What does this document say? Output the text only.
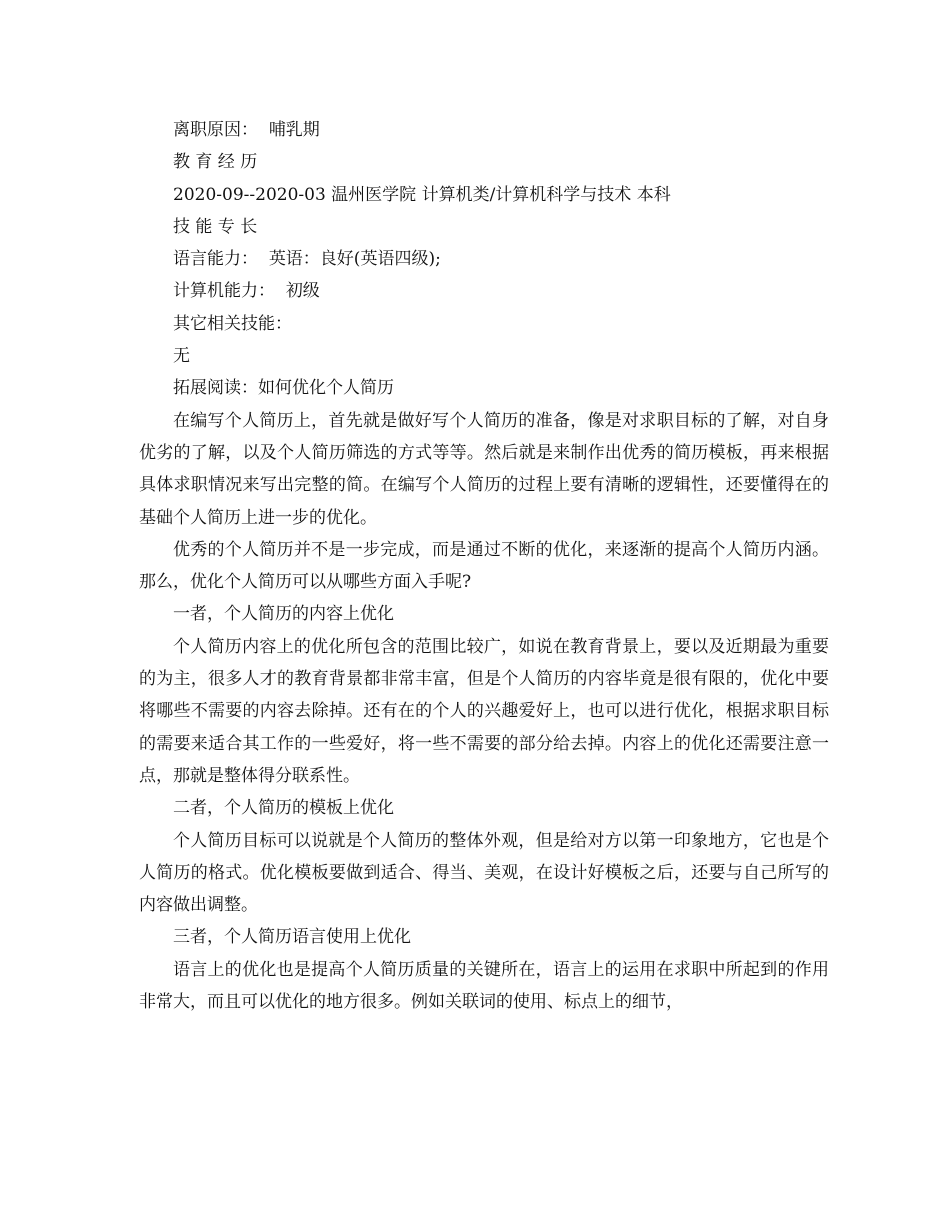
离职原因： 哺乳期
教 育 经 历
2020-09--2020-03 温州医学院 计算机类/计算机科学与技术 本科
技 能 专 长
语言能力： 英语：良好(英语四级);
计算机能力： 初级
其它相关技能：
无
拓展阅读：如何优化个人简历

在编写个人简历上，首先就是做好写个人简历的准备，像是对求职目标的了解，对自身优劣的了解，以及个人简历筛选的方式等等。然后就是来制作出优秀的简历模板，再来根据具体求职情况来写出完整的简。在编写个人简历的过程上要有清晰的逻辑性，还要懂得在的基础个人简历上进一步的优化。

优秀的个人简历并不是一步完成，而是通过不断的优化，来逐渐的提高个人简历内涵。那么，优化个人简历可以从哪些方面入手呢?

一者，个人简历的内容上优化

个人简历内容上的优化所包含的范围比较广，如说在教育背景上，要以及近期最为重要的为主，很多人才的教育背景都非常丰富，但是个人简历的内容毕竟是很有限的，优化中要将哪些不需要的内容去除掉。还有在的个人的兴趣爱好上，也可以进行优化，根据求职目标的需要来适合其工作的一些爱好，将一些不需要的部分给去掉。内容上的优化还需要注意一点，那就是整体得分联系性。

二者，个人简历的模板上优化

个人简历目标可以说就是个人简历的整体外观，但是给对方以第一印象地方，它也是个人简历的格式。优化模板要做到适合、得当、美观，在设计好模板之后，还要与自己所写的内容做出调整。

三者，个人简历语言使用上优化

语言上的优化也是提高个人简历质量的关键所在，语言上的运用在求职中所起到的作用非常大，而且可以优化的地方很多。例如关联词的使用、标点上的细节，
